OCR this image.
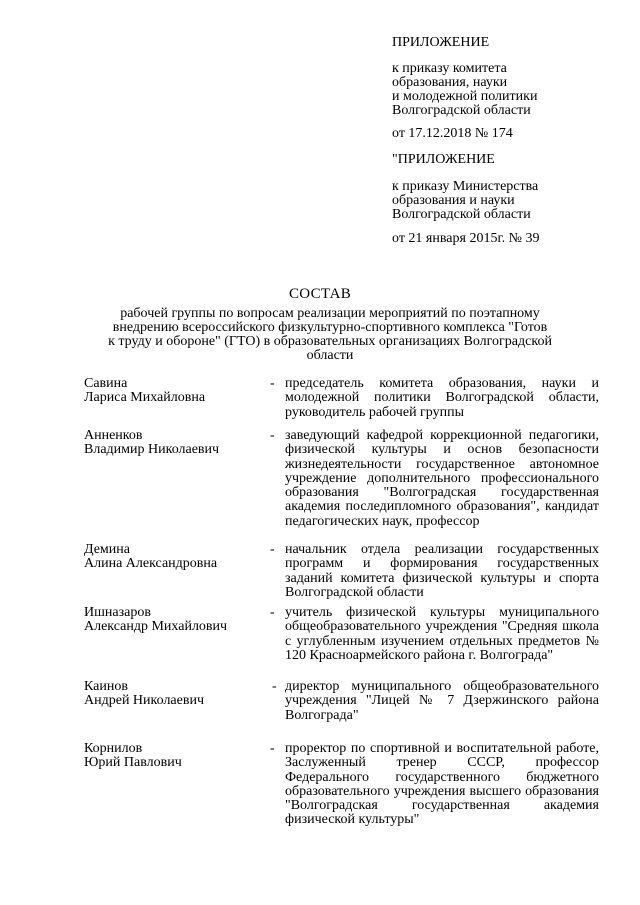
ПРИЛОЖЕНИЕ
к приказу комитета
образования, науки
и молодежной политики
Волгоградской области
от 17.12.2018 № 174
"ПРИЛОЖЕНИЕ
к приказу Министерства
образования и науки
Волгоградской области
от 21 января 2015г. № 39
СОСТАВ
рабочей группы по вопросам реализации мероприятий по поэтапному
внедрению всероссийского физкультурно-спортивного комплекса "Готов
к труду и обороне" (ГТО) в образовательных организациях Волгоградской
области
Савина
Лариса Михайловна
- председатель комитета образования, науки и молодежной политики Волгоградской области, руководитель рабочей группы
Анненков
Владимир Николаевич
- заведующий кафедрой коррекционной педагогики, физической культуры и основ безопасности жизнедеятельности государственное автономное учреждение дополнительного профессионального образования "Волгоградская государственная академия последипломного образования", кандидат педагогических наук, профессор
Демина
Алина Александровна
- начальник отдела реализации государственных программ и формирования государственных заданий комитета физической культуры и спорта Волгоградской области
Ишназаров
Александр Михайлович
- учитель физической культуры муниципального общеобразовательного учреждения "Средняя школа с углубленным изучением отдельных предметов № 120 Красноармейского района г. Волгограда"
Каинов
Андрей Николаевич
- директор муниципального общеобразовательного учреждения "Лицей № 7 Дзержинского района Волгограда"
Корнилов
Юрий Павлович
- проректор по спортивной и воспитательной работе, Заслуженный тренер СССР, профессор Федерального государственного бюджетного образовательного учреждения высшего образования "Волгоградская государственная академия физической культуры"
